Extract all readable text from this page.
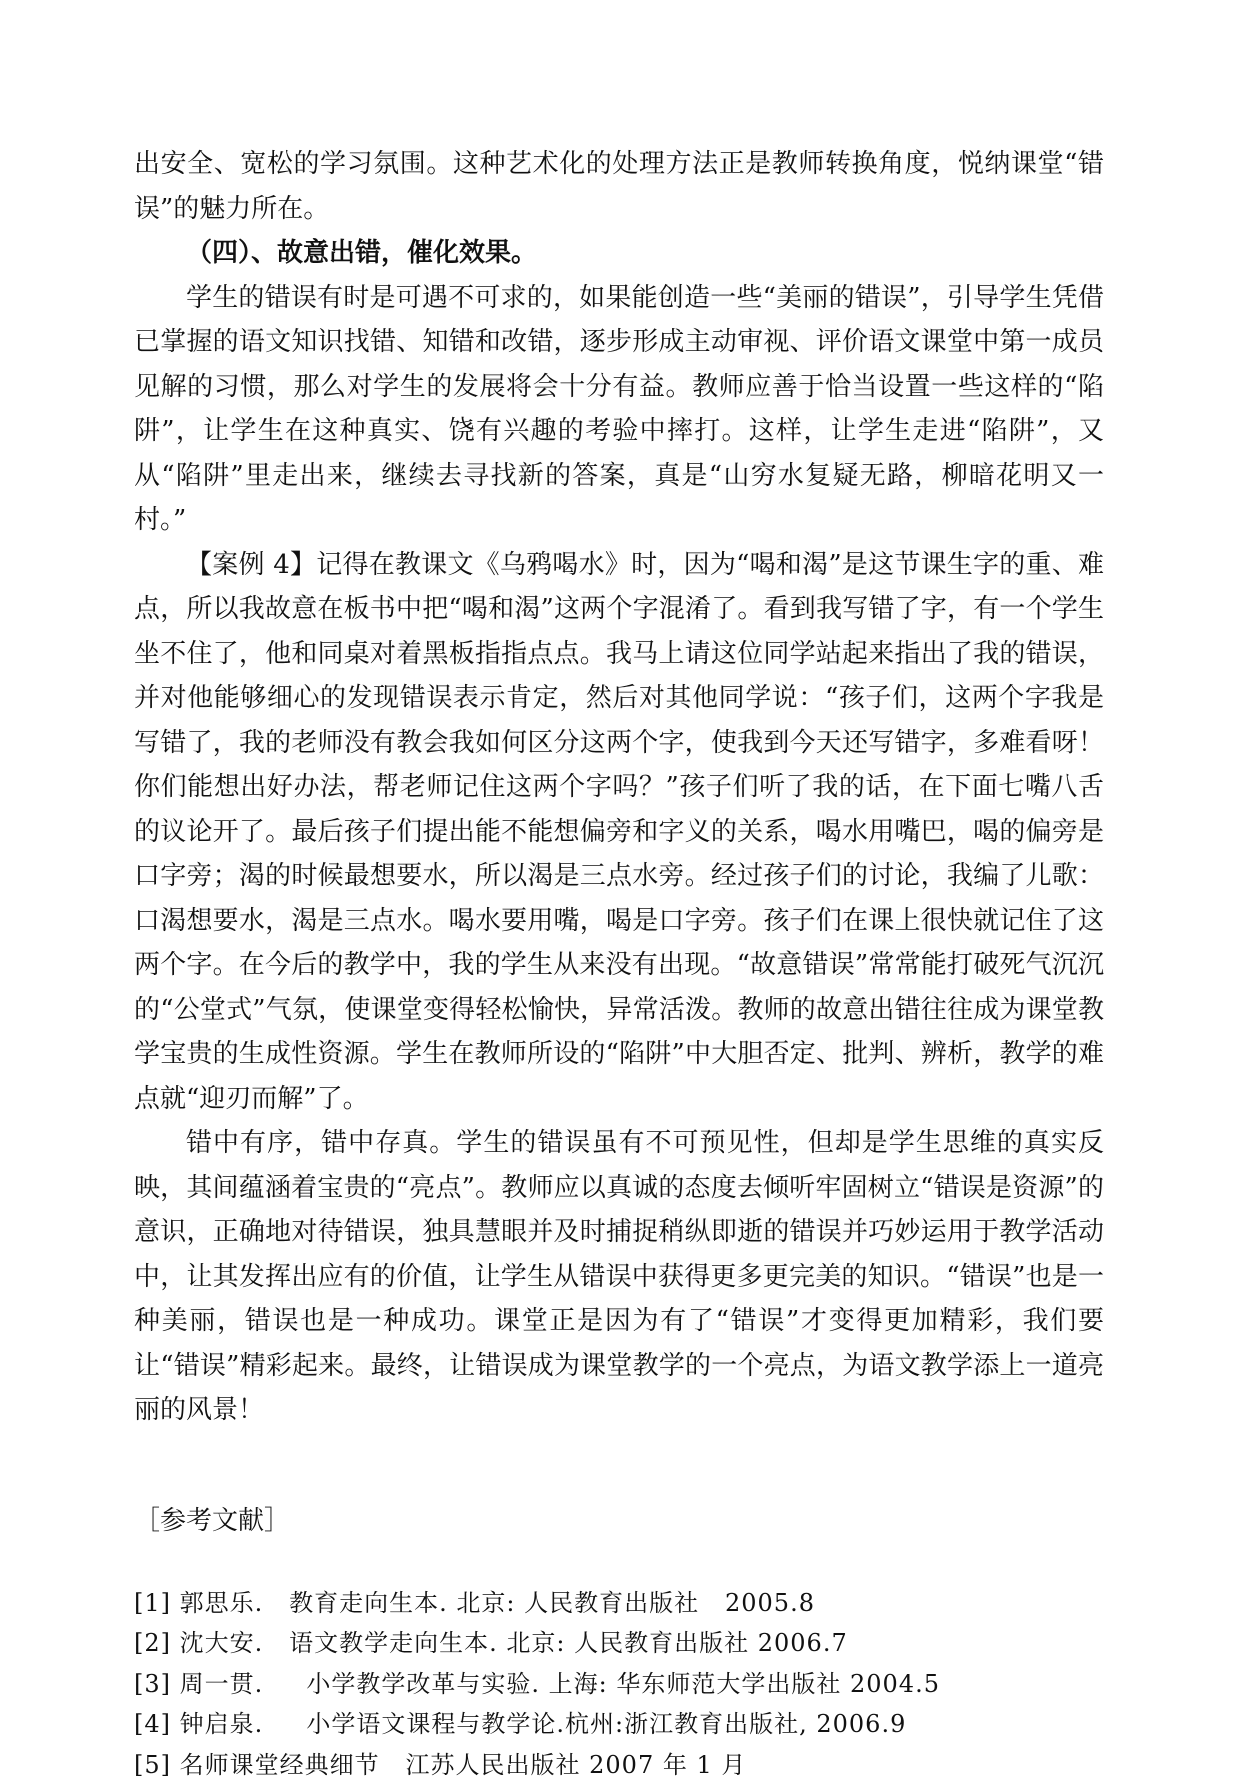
出安全、宽松的学习氛围。这种艺术化的处理方法正是教师转换角度，悦纳课堂“错误”的魅力所在。

（四）、故意出错，催化效果。

学生的错误有时是可遇不可求的，如果能创造一些“美丽的错误”，引导学生凭借已掌握的语文知识找错、知错和改错，逐步形成主动审视、评价语文课堂中第一成员见解的习惯，那么对学生的发展将会十分有益。教师应善于恰当设置一些这样的“陷阱”，让学生在这种真实、饶有兴趣的考验中摔打。这样，让学生走进“陷阱”，又从“陷阱”里走出来，继续去寻找新的答案，真是“山穷水复疑无路，柳暗花明又一村。”

【案例 4】记得在教课文《乌鸦喝水》时，因为“喝和渴”是这节课生字的重、难点，所以我故意在板书中把“喝和渴”这两个字混淆了。看到我写错了字，有一个学生坐不住了，他和同桌对着黑板指指点点。我马上请这位同学站起来指出了我的错误，并对他能够细心的发现错误表示肯定，然后对其他同学说：“孩子们，这两个字我是写错了，我的老师没有教会我如何区分这两个字，使我到今天还写错字，多难看呀！你们能想出好办法，帮老师记住这两个字吗？”孩子们听了我的话，在下面七嘴八舌的议论开了。最后孩子们提出能不能想偏旁和字义的关系，喝水用嘴巴，喝的偏旁是口字旁；渴的时候最想要水，所以渴是三点水旁。经过孩子们的讨论，我编了儿歌：口渴想要水，渴是三点水。喝水要用嘴，喝是口字旁。孩子们在课上很快就记住了这两个字。在今后的教学中，我的学生从来没有出现。“故意错误”常常能打破死气沉沉的“公堂式”气氛，使课堂变得轻松愉快，异常活泼。教师的故意出错往往成为课堂教学宝贵的生成性资源。学生在教师所设的“陷阱”中大胆否定、批判、辨析，教学的难点就“迎刃而解”了。

错中有序，错中存真。学生的错误虽有不可预见性，但却是学生思维的真实反映，其间蕴涵着宝贵的“亮点”。教师应以真诚的态度去倾听牢固树立“错误是资源”的意识，正确地对待错误，独具慧眼并及时捕捉稍纵即逝的错误并巧妙运用于教学活动中，让其发挥出应有的价值，让学生从错误中获得更多更完美的知识。“错误”也是一种美丽，错误也是一种成功。课堂正是因为有了“错误”才变得更加精彩，我们要让“错误”精彩起来。最终，让错误成为课堂教学的一个亮点，为语文教学添上一道亮丽的风景！

［参考文献］

[1] 郭思乐.   教育走向生本. 北京: 人民教育出版社   2005.8
[2] 沈大安.   语文教学走向生本. 北京: 人民教育出版社 2006.7
[3] 周一贯.     小学教学改革与实验. 上海: 华东师范大学出版社 2004.5
[4] 钟启泉.     小学语文课程与教学论.杭州:浙江教育出版社, 2006.9
[5] 名师课堂经典细节   江苏人民出版社 2007 年 1 月
